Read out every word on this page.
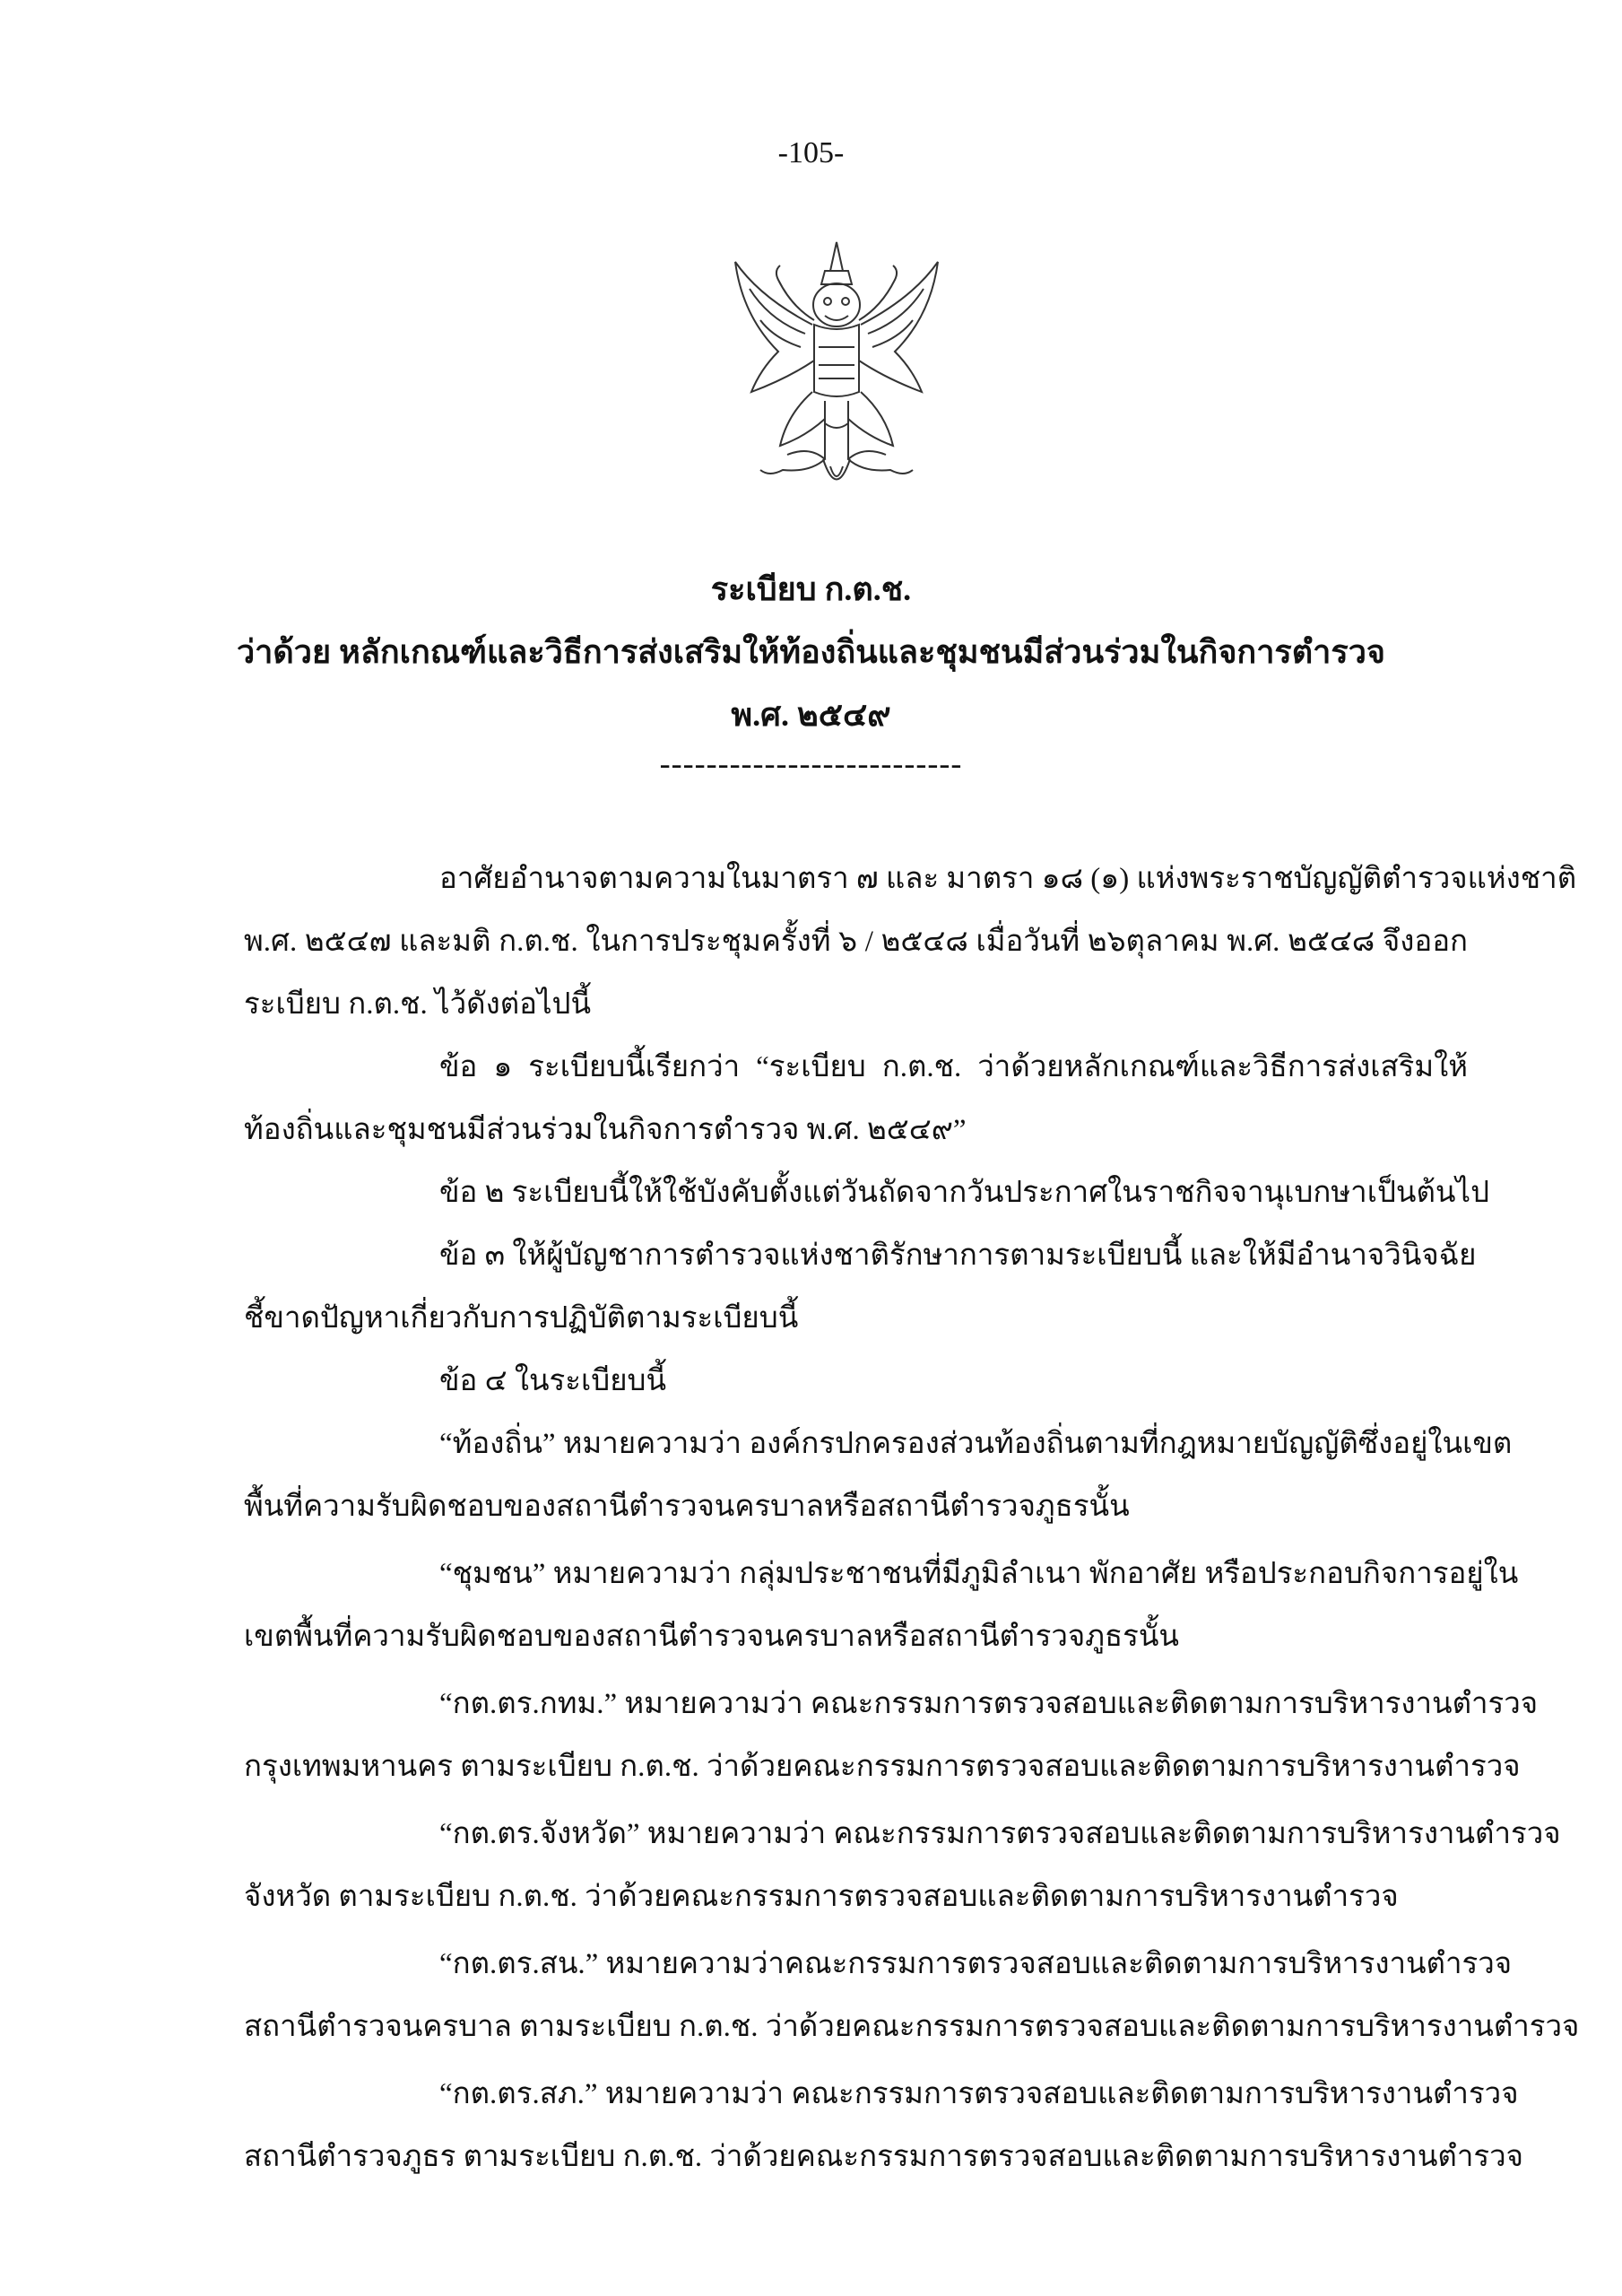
-105-
ระเบียบ ก.ต.ช.
ว่าด้วย หลักเกณฑ์และวิธีการส่งเสริมให้ท้องถิ่นและชุมชนมีส่วนร่วมในกิจการตำรวจ
พ.ศ. ๒๕๔๙
--------------------------
อาศัยอำนาจตามความในมาตรา ๗ และ มาตรา ๑๘ (๑) แห่งพระราชบัญญัติตำรวจแห่งชาติ
พ.ศ. ๒๕๔๗ และมติ ก.ต.ช. ในการประชุมครั้งที่ ๖ / ๒๕๔๘ เมื่อวันที่ ๒๖ตุลาคม พ.ศ. ๒๕๔๘ จึงออก
ระเบียบ ก.ต.ช. ไว้ดังต่อไปนี้
ข้อ ๑ ระเบียบนี้เรียกว่า “ระเบียบ ก.ต.ช. ว่าด้วยหลักเกณฑ์และวิธีการส่งเสริมให้
ท้องถิ่นและชุมชนมีส่วนร่วมในกิจการตำรวจ พ.ศ. ๒๕๔๙”
ข้อ ๒ ระเบียบนี้ให้ใช้บังคับตั้งแต่วันถัดจากวันประกาศในราชกิจจานุเบกษาเป็นต้นไป
ข้อ ๓ ให้ผู้บัญชาการตำรวจแห่งชาติรักษาการตามระเบียบนี้ และให้มีอำนาจวินิจฉัย
ชี้ขาดปัญหาเกี่ยวกับการปฏิบัติตามระเบียบนี้
ข้อ ๔ ในระเบียบนี้
“ท้องถิ่น” หมายความว่า องค์กรปกครองส่วนท้องถิ่นตามที่กฎหมายบัญญัติซึ่งอยู่ในเขต
พื้นที่ความรับผิดชอบของสถานีตำรวจนครบาลหรือสถานีตำรวจภูธรนั้น
“ชุมชน” หมายความว่า กลุ่มประชาชนที่มีภูมิลำเนา พักอาศัย หรือประกอบกิจการอยู่ใน
เขตพื้นที่ความรับผิดชอบของสถานีตำรวจนครบาลหรือสถานีตำรวจภูธรนั้น
“กต.ตร.กทม.” หมายความว่า คณะกรรมการตรวจสอบและติดตามการบริหารงานตำรวจ
กรุงเทพมหานคร ตามระเบียบ ก.ต.ช. ว่าด้วยคณะกรรมการตรวจสอบและติดตามการบริหารงานตำรวจ
“กต.ตร.จังหวัด” หมายความว่า คณะกรรมการตรวจสอบและติดตามการบริหารงานตำรวจ
จังหวัด ตามระเบียบ ก.ต.ช. ว่าด้วยคณะกรรมการตรวจสอบและติดตามการบริหารงานตำรวจ
“กต.ตร.สน.” หมายความว่าคณะกรรมการตรวจสอบและติดตามการบริหารงานตำรวจ
สถานีตำรวจนครบาล ตามระเบียบ ก.ต.ช. ว่าด้วยคณะกรรมการตรวจสอบและติดตามการบริหารงานตำรวจ
“กต.ตร.สภ.” หมายความว่า คณะกรรมการตรวจสอบและติดตามการบริหารงานตำรวจ
สถานีตำรวจภูธร ตามระเบียบ ก.ต.ช. ว่าด้วยคณะกรรมการตรวจสอบและติดตามการบริหารงานตำรวจ
